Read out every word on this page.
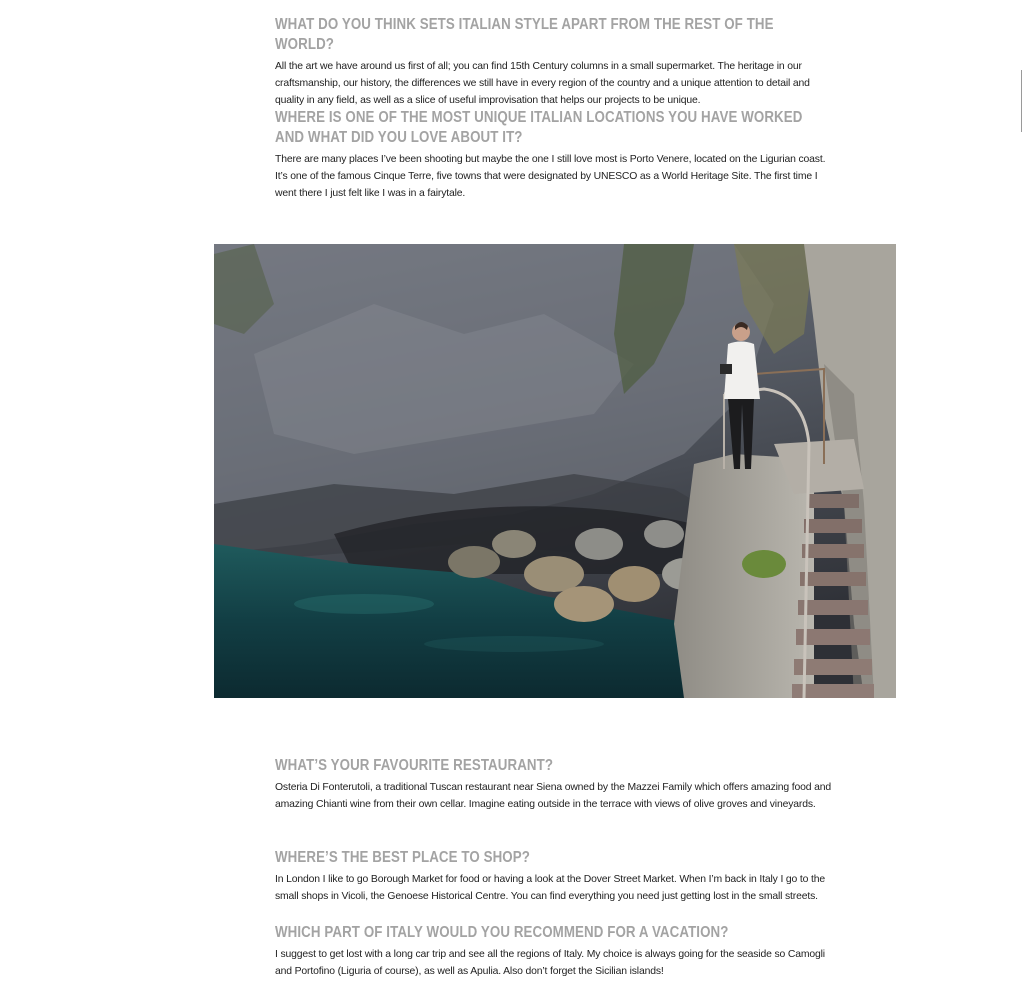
WHAT DO YOU THINK SETS ITALIAN STYLE APART FROM THE REST OF THE WORLD?

All the art we have around us first of all; you can find 15th Century columns in a small supermarket. The heritage in our craftsmanship, our history, the differences we still have in every region of the country and a unique attention to detail and quality in any field, as well as a slice of useful improvisation that helps our projects to be unique.

WHERE IS ONE OF THE MOST UNIQUE ITALIAN LOCATIONS YOU HAVE WORKED AND WHAT DID YOU LOVE ABOUT IT?

There are many places I’ve been shooting but maybe the one I still love most is Porto Venere, located on the Ligurian coast. It’s one of the famous Cinque Terre, five towns that were designated by UNESCO as a World Heritage Site. The first time I went there I just felt like I was in a fairytale.

WHAT’S YOUR FAVOURITE RESTAURANT?

Osteria Di Fonterutoli, a traditional Tuscan restaurant near Siena owned by the Mazzei Family which offers amazing food and amazing Chianti wine from their own cellar. Imagine eating outside in the terrace with views of olive groves and vineyards.

WHERE’S THE BEST PLACE TO SHOP?

In London I like to go Borough Market for food or having a look at the Dover Street Market. When I’m back in Italy I go to the small shops in Vicoli, the Genoese Historical Centre. You can find everything you need just getting lost in the small streets.

WHICH PART OF ITALY WOULD YOU RECOMMEND FOR A VACATION?

I suggest to get lost with a long car trip and see all the regions of Italy. My choice is always going for the seaside so Camogli and Portofino (Liguria of course), as well as Apulia. Also don’t forget the Sicilian islands!
